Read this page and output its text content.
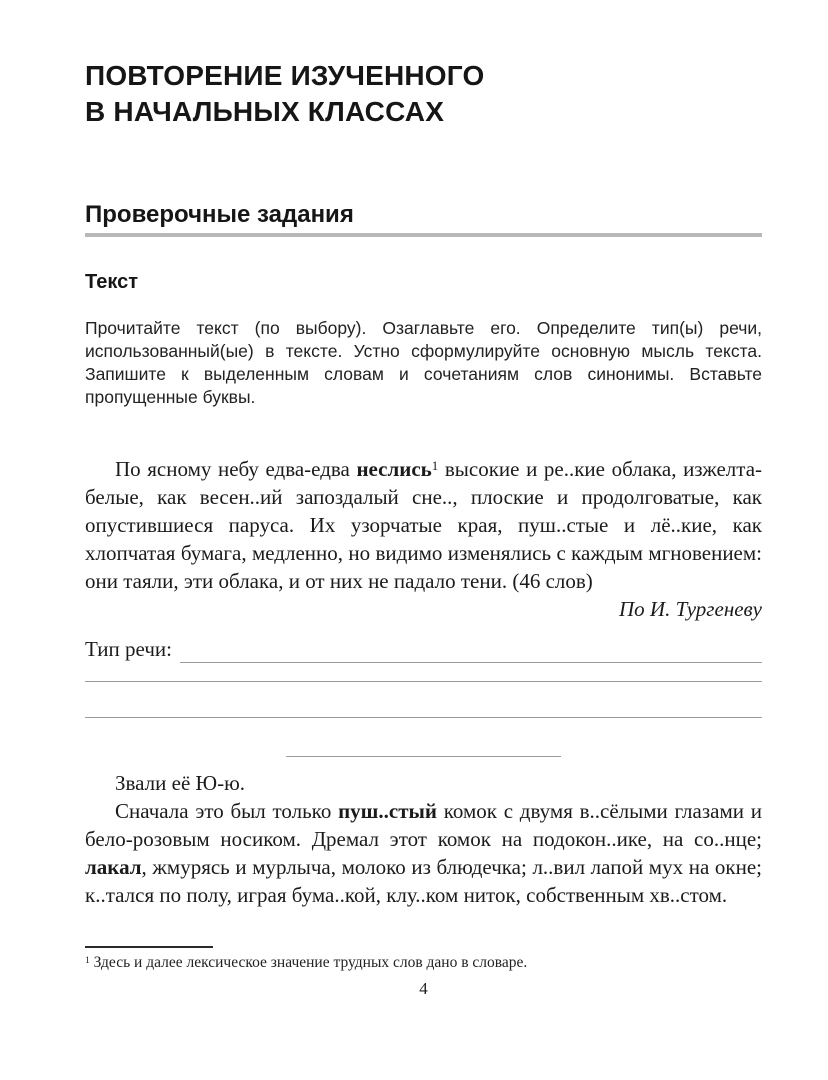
ПОВТОРЕНИЕ ИЗУЧЕННОГО
В НАЧАЛЬНЫХ КЛАССАХ
Проверочные задания
Текст

Прочитайте текст (по выбору). Озаглавьте его. Определите тип(ы) речи, использованный(ые) в тексте. Устно сформулируйте основную мысль текста. Запишите к выделенным словам и сочетаниям слов синонимы. Вставьте пропущенные буквы.

По ясному небу едва-едва неслись$^1$ высокие и ре..кие облака, изжелта-белые, как весен..ий запоздалый сне.., плоские и продолговатые, как опустившиеся паруса. Их узорчатые края, пуш..стые и лё..кие, как хлопчатая бумага, медленно, но видимо изменялись с каждым мгновением: они таяли, эти облака, и от них не падало тени. (46 слов)

По И. Тургеневу
Тип речи:

Звали её Ю-ю.

Сначала это был только пуш..стый комок с двумя в..сёлыми глазами и бело-розовым носиком. Дремал этот комок на подокон..ике, на со..нце; лакал, жмурясь и мурлыча, молоко из блюдечка; л..вил лапой мух на окне; к..тался по полу, играя бума..кой, клу..ком ниток, собственным хв..стом.

$^1$ Здесь и далее лексическое значение трудных слов дано в словаре.
4
